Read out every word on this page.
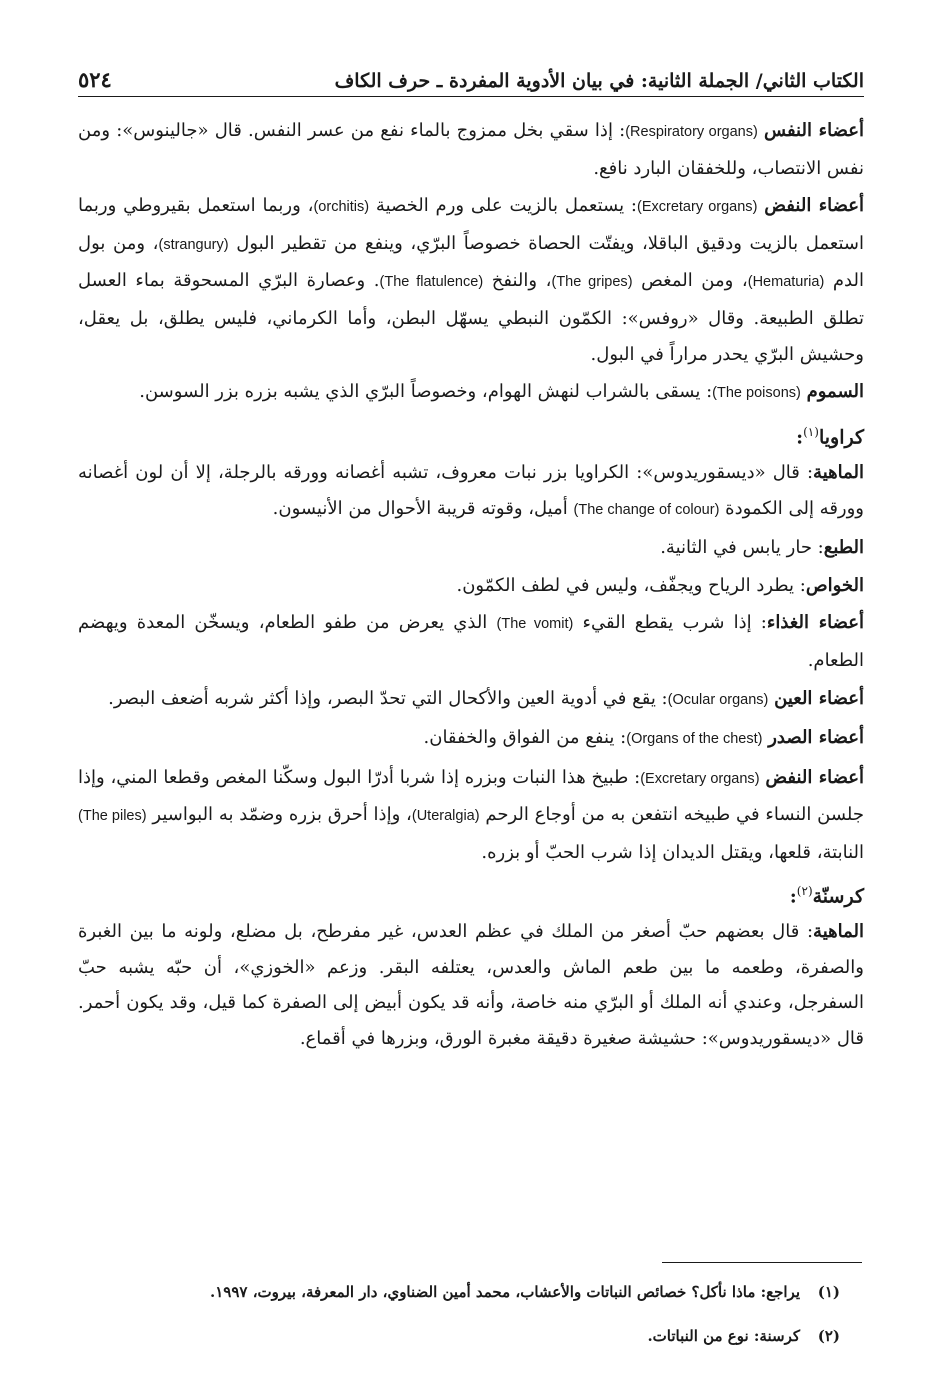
الكتاب الثاني/ الجملة الثانية: في بيان الأدوية المفردة ـ حرف الكاف
٥٢٤

أعضاء النفس (Respiratory organs): إذا سقي بخل ممزوج بالماء نفع من عسر النفس. قال «جالينوس»: ومن نفس الانتصاب، وللخفقان البارد نافع.

أعضاء النفض (Excretary organs): يستعمل بالزيت على ورم الخصية (orchitis)، وربما استعمل بقيروطي وربما استعمل بالزيت ودقيق الباقلا، ويفتّت الحصاة خصوصاً البرّي، وينفع من تقطير البول (strangury)، ومن بول الدم (Hematuria)، ومن المغص (The gripes)، والنفخ (The flatulence). وعصارة البرّي المسحوقة بماء العسل تطلق الطبيعة. وقال «روفس»: الكمّون النبطي يسهّل البطن، وأما الكرماني، فليس يطلق، بل يعقل، وحشيش البرّي يحدر مراراً في البول.

السموم (The poisons): يسقى بالشراب لنهش الهوام، وخصوصاً البرّي الذي يشبه بزره بزر السوسن.

كراويا$^{(١)}$:

الماهية: قال «ديسقوريدوس»: الكراويا بزر نبات معروف، تشبه أغصانه وورقه بالرجلة، إلا أن لون أغصانه وورقه إلى الكمودة (The change of colour) أميل، وقوته قريبة الأحوال من الأنيسون.

الطبع: حار يابس في الثانية.

الخواص: يطرد الرياح ويجفّف، وليس في لطف الكمّون.

أعضاء الغذاء: إذا شرب يقطع القيء (The vomit) الذي يعرض من طفو الطعام، ويسخّن المعدة ويهضم الطعام.

أعضاء العين (Ocular organs): يقع في أدوية العين والأكحال التي تحدّ البصر، وإذا أكثر شربه أضعف البصر.

أعضاء الصدر (Organs of the chest): ينفع من الفواق والخفقان.

أعضاء النفض (Excretary organs): طبيخ هذا النبات وبزره إذا شربا أدرّا البول وسكّنا المغص وقطعا المني، وإذا جلسن النساء في طبيخه انتفعن به من أوجاع الرحم (Uteralgia)، وإذا أحرق بزره وضمّد به البواسير (The piles) النابتة، قلعها، ويقتل الديدان إذا شرب الحبّ أو بزره.

كرسنّة$^{(٢)}$:

الماهية: قال بعضهم حبّ أصغر من الملك في عظم العدس، غير مفرطح، بل مضلع، ولونه ما بين الغبرة والصفرة، وطعمه ما بين طعم الماش والعدس، يعتلفه البقر. وزعم «الخوزي»، أن حبّه يشبه حبّ السفرجل، وعندي أنه الملك أو البرّي منه خاصة، وأنه قد يكون أبيض إلى الصفرة كما قيل، وقد يكون أحمر. قال «ديسقوريدوس»: حشيشة صغيرة دقيقة مغبرة الورق، وبزرها في أقماع.

(١)
يراجع: ماذا نأكل؟ خصائص النباتات والأعشاب، محمد أمين الضناوي، دار المعرفة، بيروت، ١٩٩٧.
(٢)
كرسنة: نوع من النباتات.
